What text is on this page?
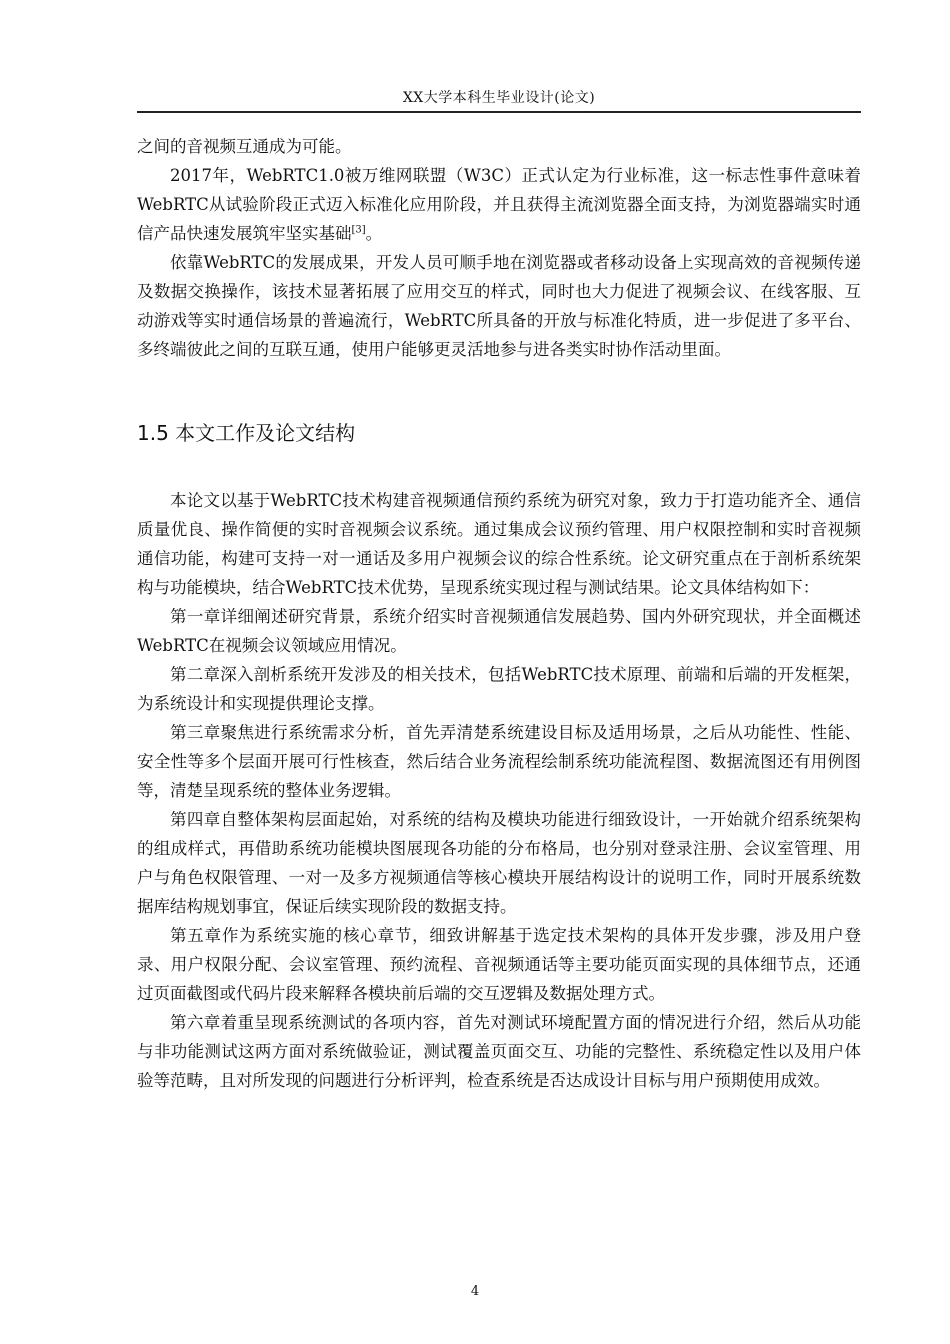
XX大学本科生毕业设计(论文)

之间的音视频互通成为可能。

2017年，WebRTC1.0被万维网联盟（W3C）正式认定为行业标准，这一标志性事件意味着WebRTC从试验阶段正式迈入标准化应用阶段，并且获得主流浏览器全面支持，为浏览器端实时通信产品快速发展筑牢坚实基础[3]。

依靠WebRTC的发展成果，开发人员可顺手地在浏览器或者移动设备上实现高效的音视频传递及数据交换操作，该技术显著拓展了应用交互的样式，同时也大力促进了视频会议、在线客服、互动游戏等实时通信场景的普遍流行，WebRTC所具备的开放与标准化特质，进一步促进了多平台、多终端彼此之间的互联互通，使用户能够更灵活地参与进各类实时协作活动里面。

1.5 本文工作及论文结构

本论文以基于WebRTC技术构建音视频通信预约系统为研究对象，致力于打造功能齐全、通信质量优良、操作简便的实时音视频会议系统。通过集成会议预约管理、用户权限控制和实时音视频通信功能，构建可支持一对一通话及多用户视频会议的综合性系统。论文研究重点在于剖析系统架构与功能模块，结合WebRTC技术优势，呈现系统实现过程与测试结果。论文具体结构如下：

第一章详细阐述研究背景，系统介绍实时音视频通信发展趋势、国内外研究现状，并全面概述WebRTC在视频会议领域应用情况。

第二章深入剖析系统开发涉及的相关技术，包括WebRTC技术原理、前端和后端的开发框架，为系统设计和实现提供理论支撑。

第三章聚焦进行系统需求分析，首先弄清楚系统建设目标及适用场景，之后从功能性、性能、安全性等多个层面开展可行性核查，然后结合业务流程绘制系统功能流程图、数据流图还有用例图等，清楚呈现系统的整体业务逻辑。

第四章自整体架构层面起始，对系统的结构及模块功能进行细致设计，一开始就介绍系统架构的组成样式，再借助系统功能模块图展现各功能的分布格局，也分别对登录注册、会议室管理、用户与角色权限管理、一对一及多方视频通信等核心模块开展结构设计的说明工作，同时开展系统数据库结构规划事宜，保证后续实现阶段的数据支持。

第五章作为系统实施的核心章节，细致讲解基于选定技术架构的具体开发步骤，涉及用户登录、用户权限分配、会议室管理、预约流程、音视频通话等主要功能页面实现的具体细节点，还通过页面截图或代码片段来解释各模块前后端的交互逻辑及数据处理方式。

第六章着重呈现系统测试的各项内容，首先对测试环境配置方面的情况进行介绍，然后从功能与非功能测试这两方面对系统做验证，测试覆盖页面交互、功能的完整性、系统稳定性以及用户体验等范畴，且对所发现的问题进行分析评判，检查系统是否达成设计目标与用户预期使用成效。

4
